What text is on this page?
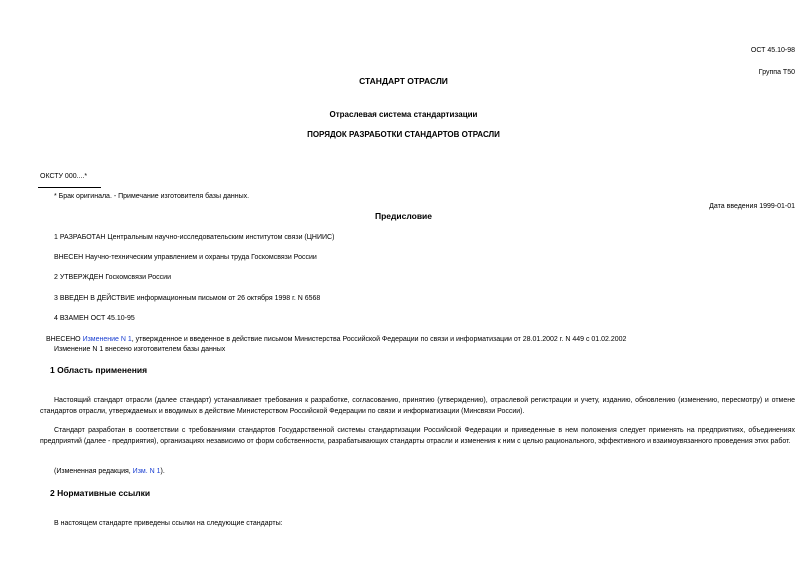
ОСТ 45.10-98
Группа Т50
СТАНДАРТ ОТРАСЛИ
Отраслевая система стандартизации
ПОРЯДОК РАЗРАБОТКИ СТАНДАРТОВ ОТРАСЛИ
ОКСТУ 000....*
* Брак оригинала. - Примечание изготовителя базы данных.
Дата введения 1999-01-01
Предисловие
1 РАЗРАБОТАН Центральным научно-исследовательским институтом связи (ЦНИИС)
ВНЕСЕН Научно-техническим управлением и охраны труда Госкомсвязи России
2 УТВЕРЖДЕН Госкомсвязи России
3 ВВЕДЕН В ДЕЙСТВИЕ информационным письмом от 26 октября 1998 г. N 6568
4 ВЗАМЕН ОСТ 45.10-95
ВНЕСЕНО Изменение N 1, утвержденное и введенное в действие письмом Министерства Российской Федерации по связи и информатизации от 28.01.2002 г. N 449 с 01.02.2002
Изменение N 1 внесено изготовителем базы данных
1 Область применения
Настоящий стандарт отрасли (далее стандарт) устанавливает требования к разработке, согласованию, принятию (утверждению), отраслевой регистрации и учету, изданию, обновлению (изменению, пересмотру) и отмене стандартов отрасли, утверждаемых и вводимых в действие Министерством Российской Федерации по связи и информатизации (Минсвязи России).
Стандарт разработан в соответствии с требованиями стандартов Государственной системы стандартизации Российской Федерации и приведенные в нем положения следует применять на предприятиях, объединениях предприятий (далее - предприятия), организациях независимо от форм собственности, разрабатывающих стандарты отрасли и изменения к ним с целью рационального, эффективного и взаимоувязанного проведения этих работ.
(Измененная редакция, Изм. N 1).
2 Нормативные ссылки
В настоящем стандарте приведены ссылки на следующие стандарты:
